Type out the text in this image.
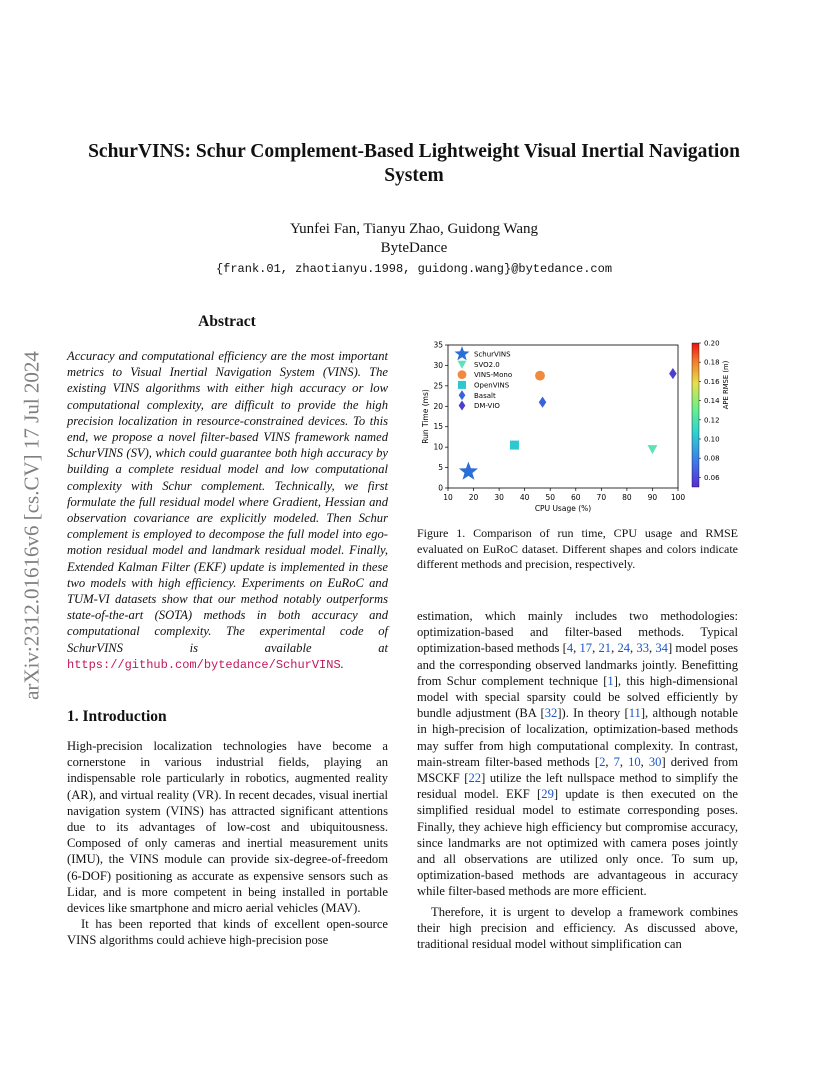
SchurVINS: Schur Complement-Based Lightweight Visual Inertial Navigation System
Yunfei Fan, Tianyu Zhao, Guidong Wang
ByteDance
{frank.01, zhaotianyu.1998, guidong.wang}@bytedance.com
arXiv:2312.01616v6 [cs.CV] 17 Jul 2024
Abstract
Accuracy and computational efficiency are the most important metrics to Visual Inertial Navigation System (VINS). The existing VINS algorithms with either high accuracy or low computational complexity, are difficult to provide the high precision localization in resource-constrained devices. To this end, we propose a novel filter-based VINS framework named SchurVINS (SV), which could guarantee both high accuracy by building a complete residual model and low computational complexity with Schur complement. Technically, we first formulate the full residual model where Gradient, Hessian and observation covariance are explicitly modeled. Then Schur complement is employed to decompose the full model into ego-motion residual model and landmark residual model. Finally, Extended Kalman Filter (EKF) update is implemented in these two models with high efficiency. Experiments on EuRoC and TUM-VI datasets show that our method notably outperforms state-of-the-art (SOTA) methods in both accuracy and computational complexity. The experimental code of SchurVINS is available at https://github.com/bytedance/SchurVINS.
1. Introduction

High-precision localization technologies have become a cornerstone in various industrial fields, playing an indispensable role particularly in robotics, augmented reality (AR), and virtual reality (VR). In recent decades, visual inertial navigation system (VINS) has attracted significant attentions due to its advantages of low-cost and ubiquitousness. Composed of only cameras and inertial measurement units (IMU), the VINS module can provide six-degree-of-freedom (6-DOF) positioning as accurate as expensive sensors such as Lidar, and is more competent in being installed in portable devices like smartphone and micro aerial vehicles (MAV).

It has been reported that kinds of excellent open-source VINS algorithms could achieve high-precision pose

10 20 30 40 50 60 70 80 90 100
0
5
10
15
20
25
30
35
CPU Usage (%)
Run Time (ms)
SchurVINS
SVO2.0
VINS-Mono
OpenVINS
Basalt
DM-VIO
0.06
0.08
0.10
0.12
0.14
0.16
0.18
0.20
APE RMSE (m)
Figure 1. Comparison of run time, CPU usage and RMSE evaluated on EuRoC dataset. Different shapes and colors indicate different methods and precision, respectively.

estimation, which mainly includes two methodologies: optimization-based and filter-based methods. Typical optimization-based methods [4, 17, 21, 24, 33, 34] model poses and the corresponding observed landmarks jointly. Benefitting from Schur complement technique [1], this high-dimensional model with special sparsity could be solved efficiently by bundle adjustment (BA [32]). In theory [11], although notable in high-precision of localization, optimization-based methods may suffer from high computational complexity. In contrast, main-stream filter-based methods [2, 7, 10, 30] derived from MSCKF [22] utilize the left nullspace method to simplify the residual model. EKF [29] update is then executed on the simplified residual model to estimate corresponding poses. Finally, they achieve high efficiency but compromise accuracy, since landmarks are not optimized with camera poses jointly and all observations are utilized only once. To sum up, optimization-based methods are advantageous in accuracy while filter-based methods are more efficient.

Therefore, it is urgent to develop a framework combines their high precision and efficiency. As discussed above, traditional residual model without simplification can
